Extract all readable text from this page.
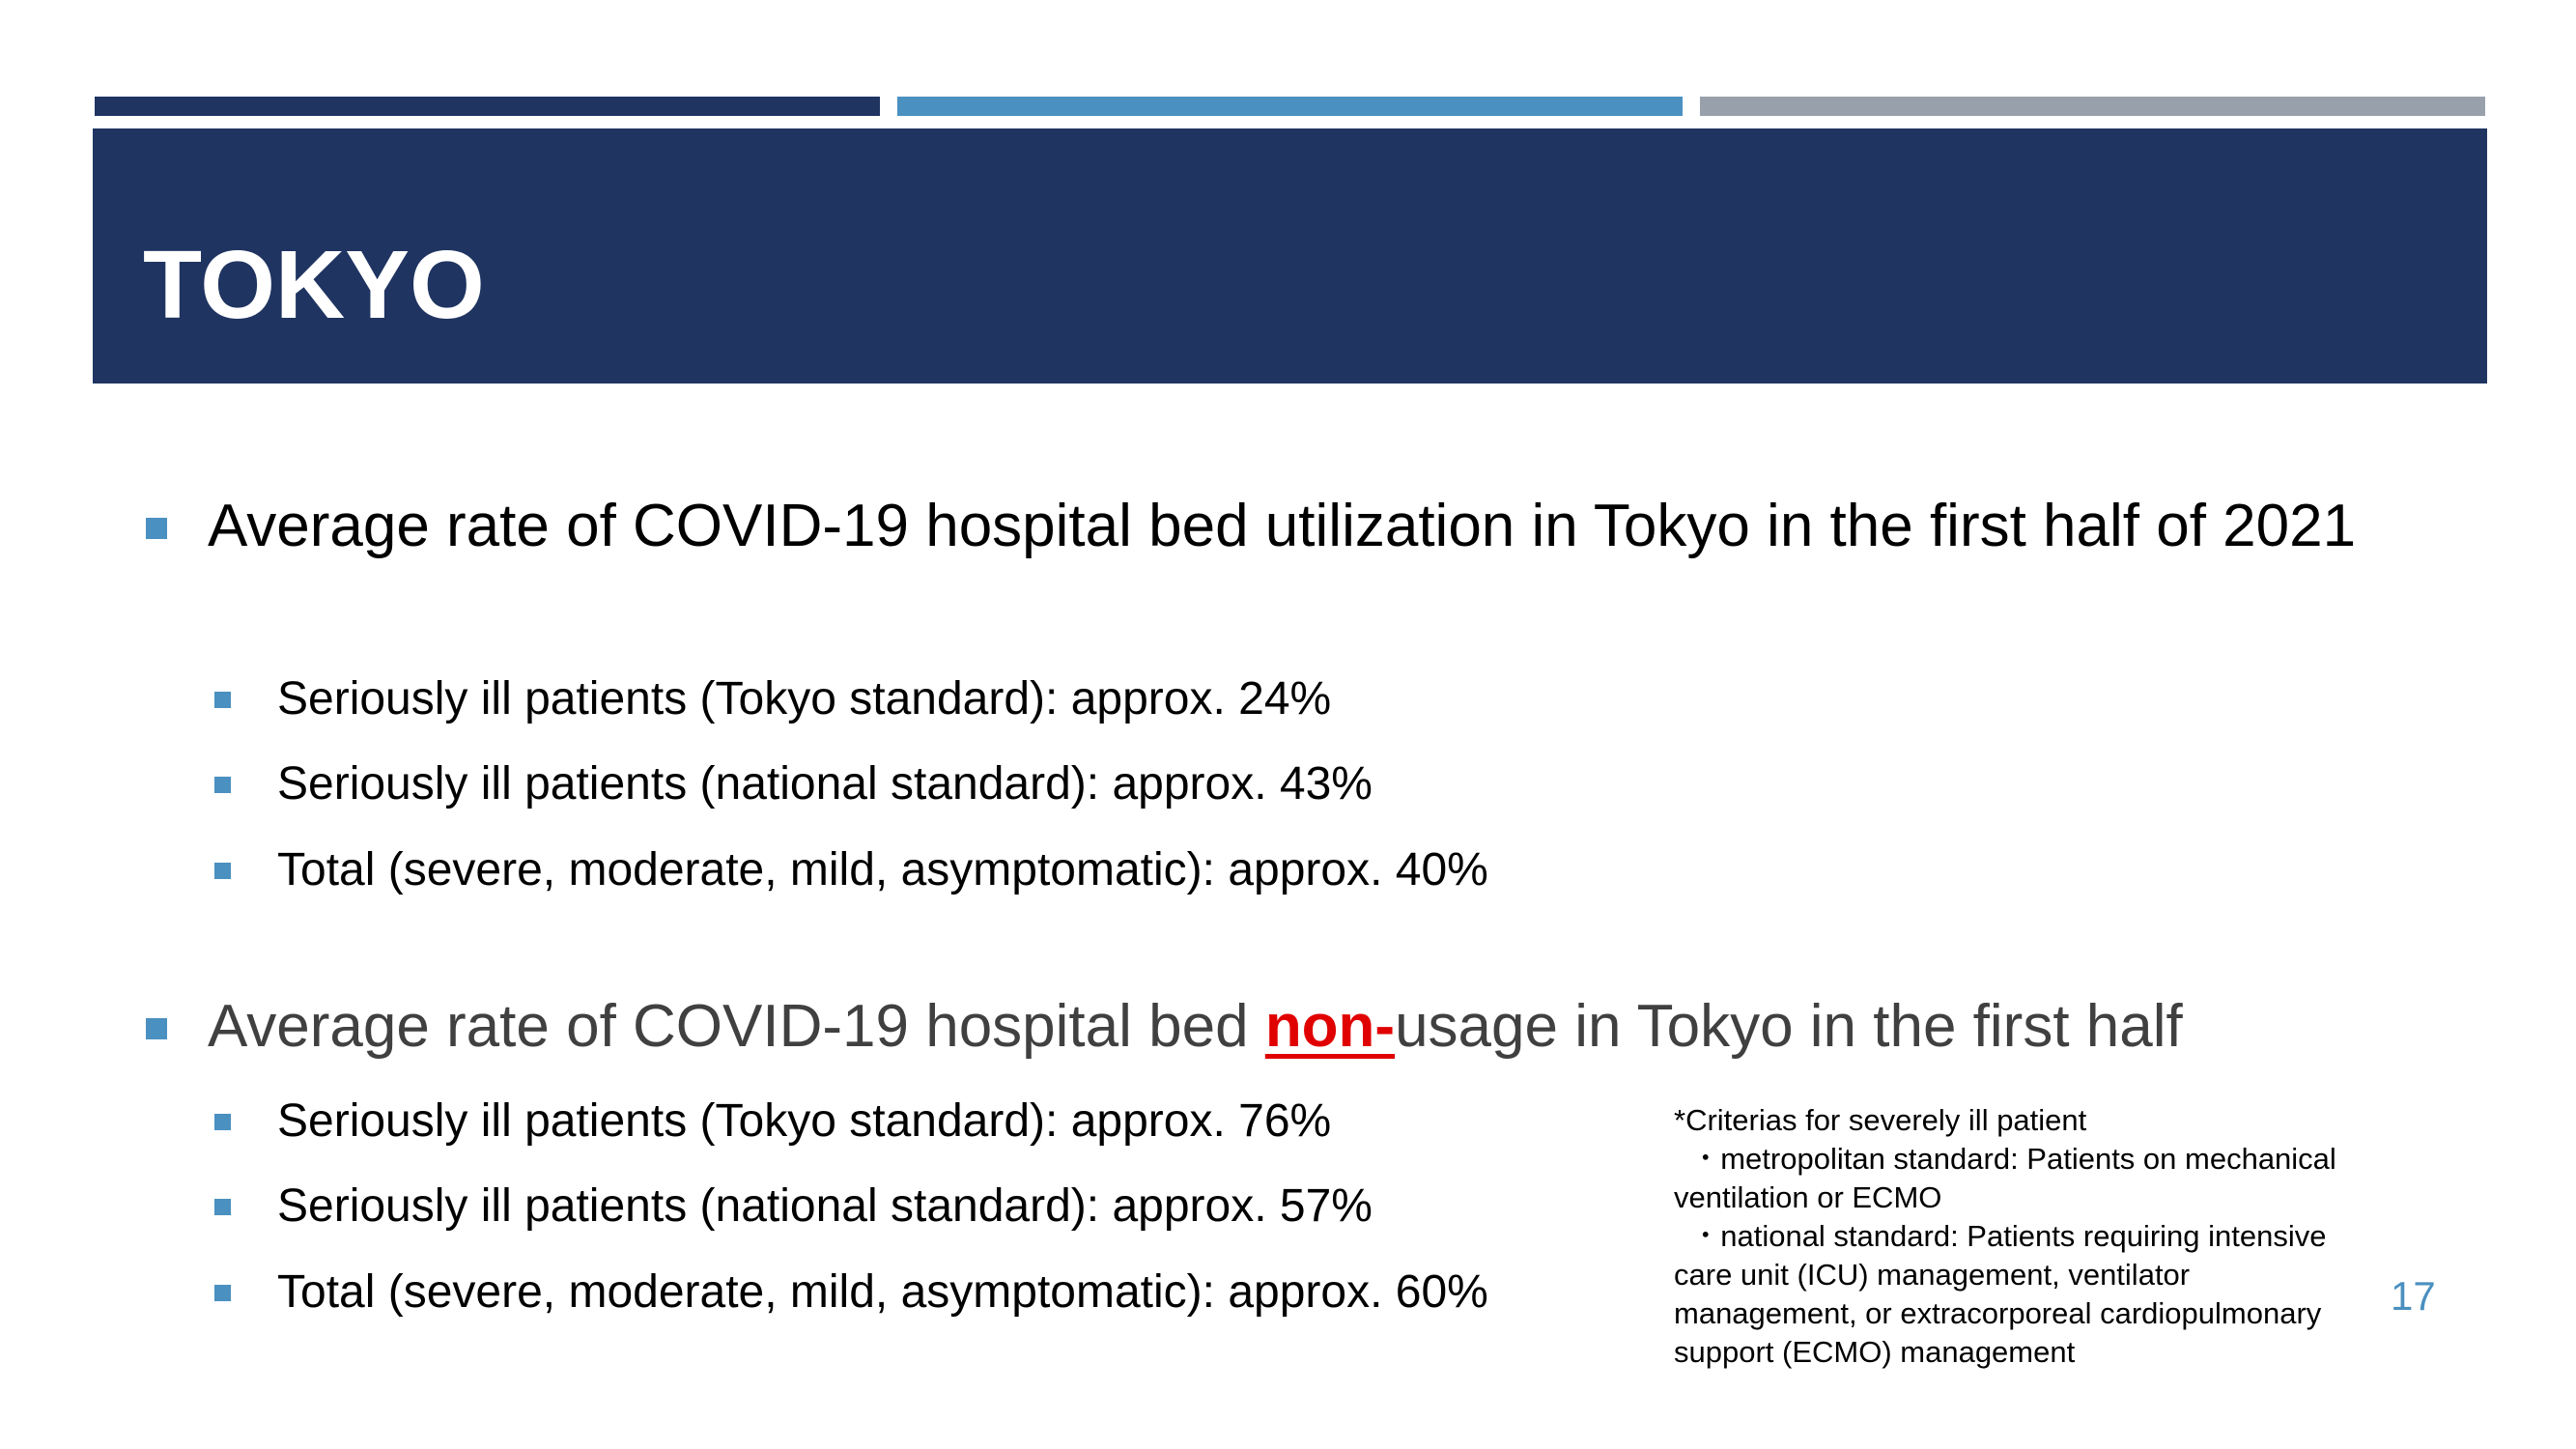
TOKYO
Average rate of COVID-19 hospital bed utilization in Tokyo in the first half of 2021
Seriously ill patients (Tokyo standard): approx. 24%
Seriously ill patients (national standard): approx. 43%
Total (severe, moderate, mild, asymptomatic): approx. 40%
Average rate of COVID-19 hospital bed non-usage in Tokyo in the first half
Seriously ill patients (Tokyo standard): approx. 76%
Seriously ill patients (national standard): approx. 57%
Total (severe, moderate, mild, asymptomatic): approx. 60%
*Criterias for severely ill patient
・metropolitan standard: Patients on mechanical
ventilation or ECMO
・national standard: Patients requiring intensive
care unit (ICU) management, ventilator
management, or extracorporeal cardiopulmonary
support (ECMO) management
17
